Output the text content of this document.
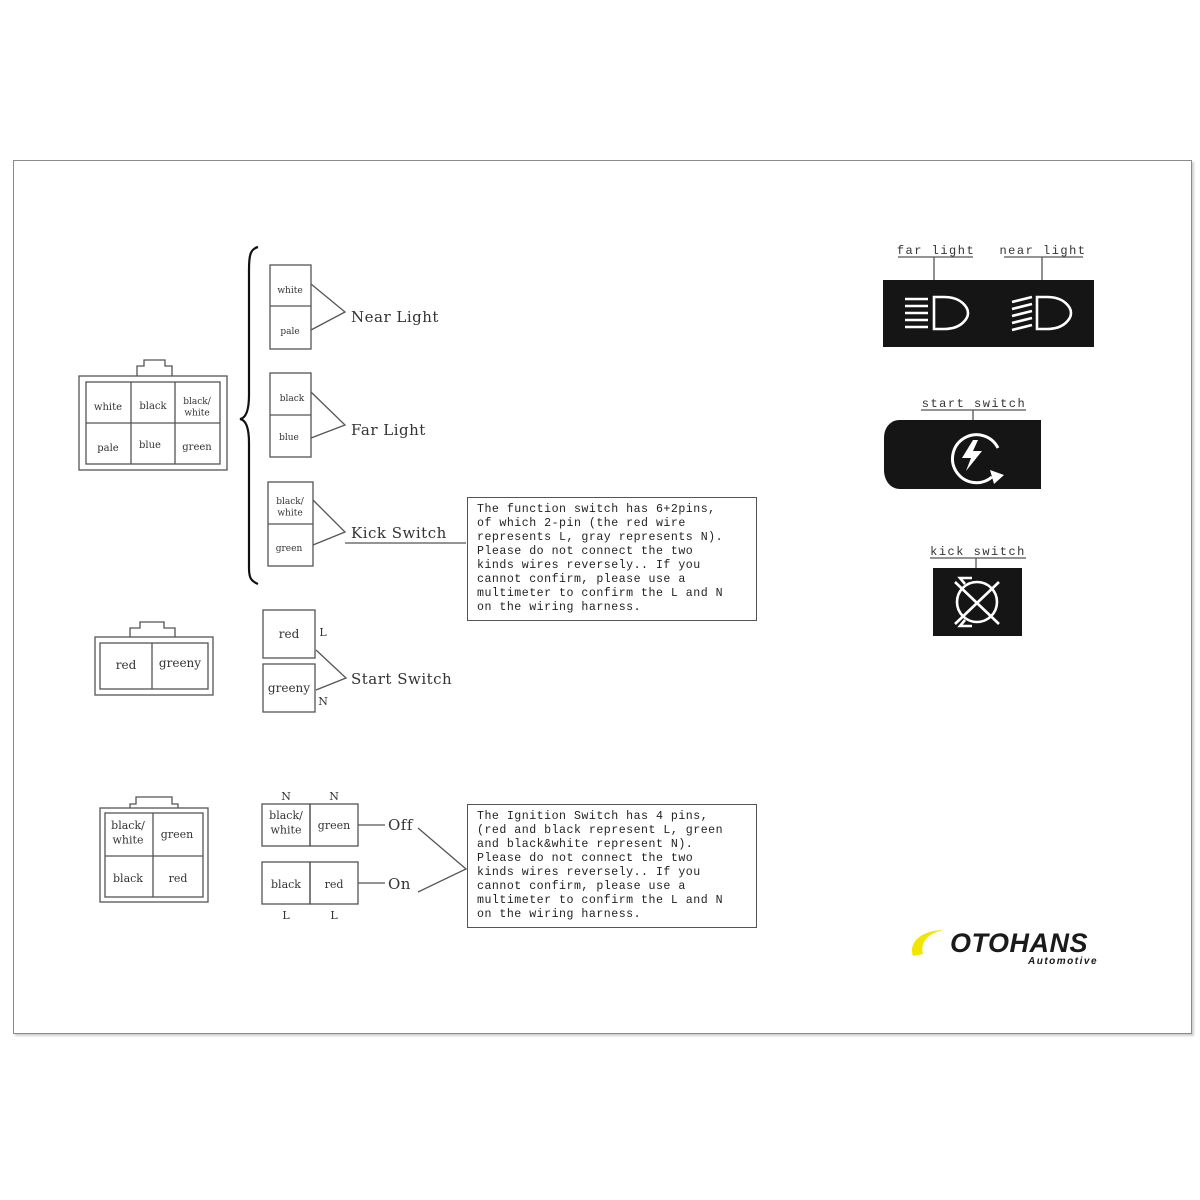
white black black/ white
pale blue green
red greeny
black/ white green
black red
white
pale
black
blue
black/ white
green
red
greeny
black/ white green
black red
N	N
L	L
L
N
Near Light
Far Light
Kick Switch
Start Switch
Off
On
far light near light
start switch
kick switch
The function switch has 6+2pins,
of which 2-pin (the red wire
represents L, gray represents N).
Please do not connect the two
kinds wires reversely.. If you
cannot confirm, please use a
multimeter to confirm the L and N
on the wiring harness.
The Ignition Switch has 4 pins,
(red and black represent L, green
and black&white represent N).
Please do not connect the two
kinds wires reversely.. If you
cannot confirm, please use a
multimeter to confirm the L and N
on the wiring harness.
OTOHANS
Automotive
